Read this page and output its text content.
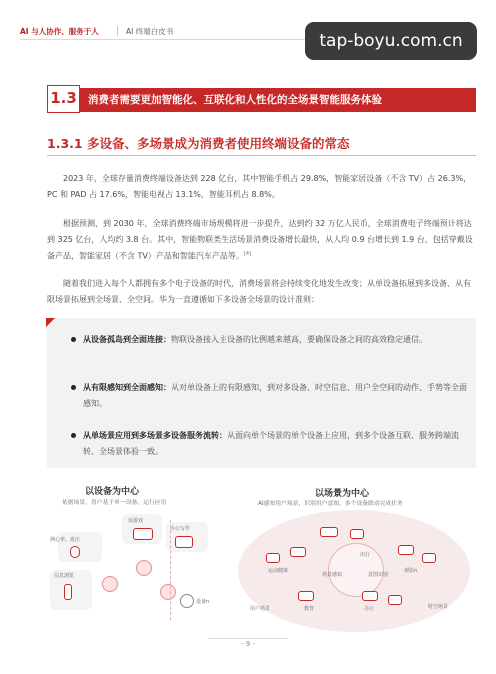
AI 与人协作、服务于人	AI 终端白皮书	tap-boyu.com.cn
1.3	消费者需要更加智能化、互联化和人性化的全场景智能服务体验
1.3.1 多设备、多场景成为消费者使用终端设备的常态

2023 年，全球存量消费终端设备达到 228 亿台，其中智能手机占 29.8%，智能家居设备（不含 TV）占 26.3%，PC 和 PAD 占 17.6%，智能电视占 13.1%，智能耳机占 8.8%。

根据预测，到 2030 年，全球消费终端市场规模将进一步提升，达到约 32 万亿人民币，全球消费电子终端预计将达到 325 亿台，人均约 3.8 台。其中，智能物联类生活场景消费设备增长最快，从人均 0.9 台增长到 1.9 台，包括穿戴设备产品，智能家居（不含 TV）产品和智能汽车产品等。[4]

随着我们进入每个人都拥有多个电子设备的时代，消费场景将会持续变化地发生改变；从单设备拓展到多设备、从有限场景拓展到全场景、全空间。华为一直遵循如下多设备全场景的设计准则：

从设备孤岛到全面连接：物联设备接入主设备的比例越来越高，要确保设备之间的高效稳定通信。
从有限感知到全面感知：从对单设备上的有限感知，到对多设备、时空信息、用户全空间的动作、手势等全面感知。
从单场景应用到多场景多设备服务流转：从面向单个场景的单个设备上应用，到多个设备互联、服务跨端流转、全场景体验一致。
以设备为中心
依据场景，用户基于单一设备，运行应用
玩游戏
办公写作
测心率、血压
信息浏览
设备n
以场景为中心
AI感知用户场景，识别用户意图，多个设备联动完成任务
运动健康
场景感知	意图识别
出行
观影n
教育	办公
用户场景	时空场景
- 9 -
